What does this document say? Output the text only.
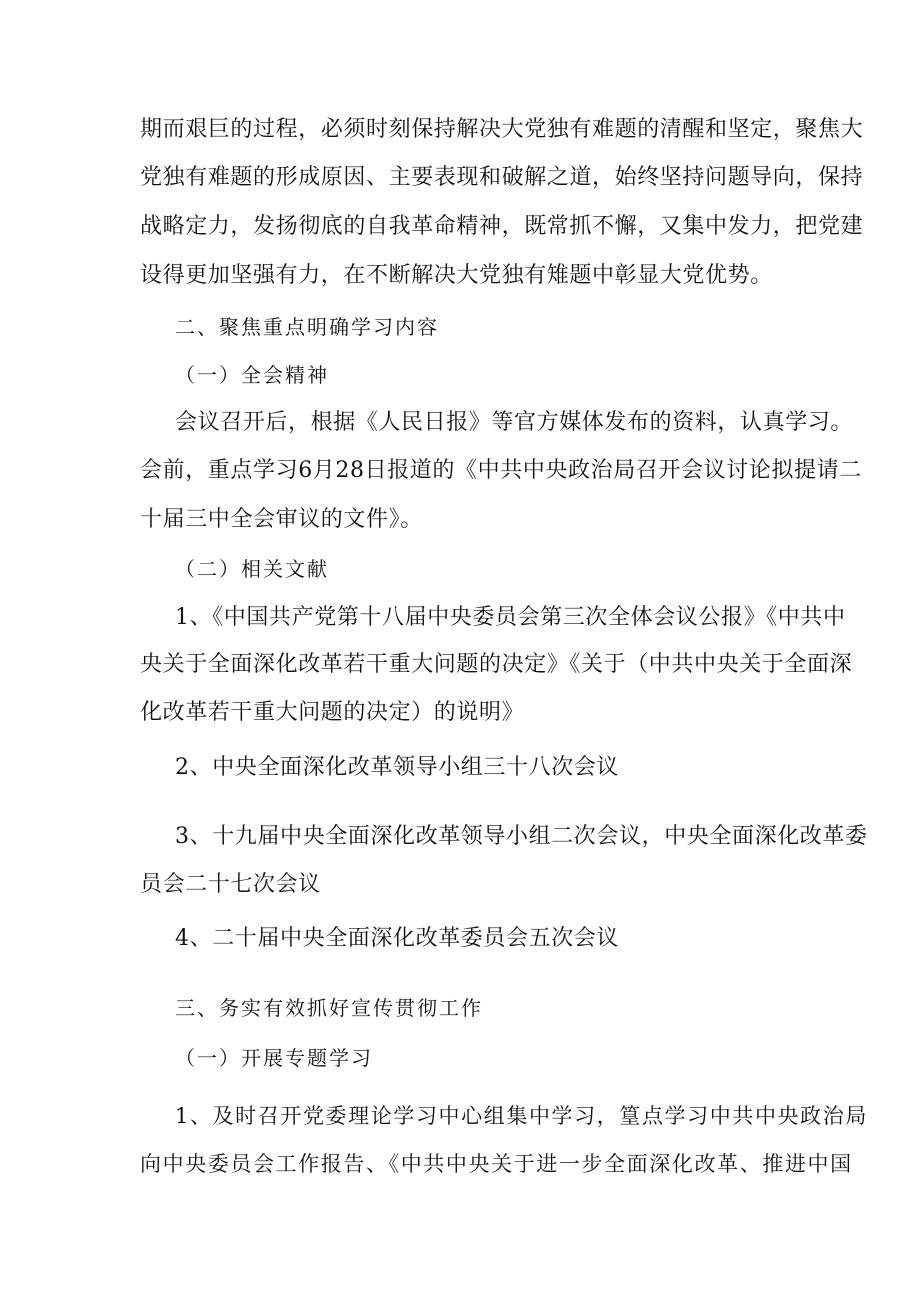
期而艰巨的过程，必须时刻保持解决大党独有难题的清醒和坚定，聚焦大

党独有难题的形成原因、主要表现和破解之道，始终坚持问题导向，保持

战略定力，发扬彻底的自我革命精神，既常抓不懈，又集中发力，把党建

设得更加坚强有力，在不断解决大党独有雉题中彰显大党优势。

二、聚焦重点明确学习内容

（一）全会精神

会议召开后，根据《人民日报》等官方媒体发布的资料，认真学习。

会前，重点学习6月28日报道的《中共中央政治局召开会议讨论拟提请二

十届三中全会审议的文件》。

（二）相关文献

1、《中国共产党第十八届中央委员会第三次全体会议公报》《中共中

央关于全面深化改革若干重大问题的决定》《关于（中共中央关于全面深

化改革若干重大问题的决定）的说明》

2、中央全面深化改革领导小组三十八次会议

3、十九届中央全面深化改革领导小组二次会议，中央全面深化改革委

员会二十七次会议

4、二十届中央全面深化改革委员会五次会议

三、务实有效抓好宣传贯彻工作

（一）开展专题学习

1、及时召开党委理论学习中心组集中学习，篁点学习中共中央政治局

向中央委员会工作报告、《中共中央关于进一步全面深化改革、推进中国
